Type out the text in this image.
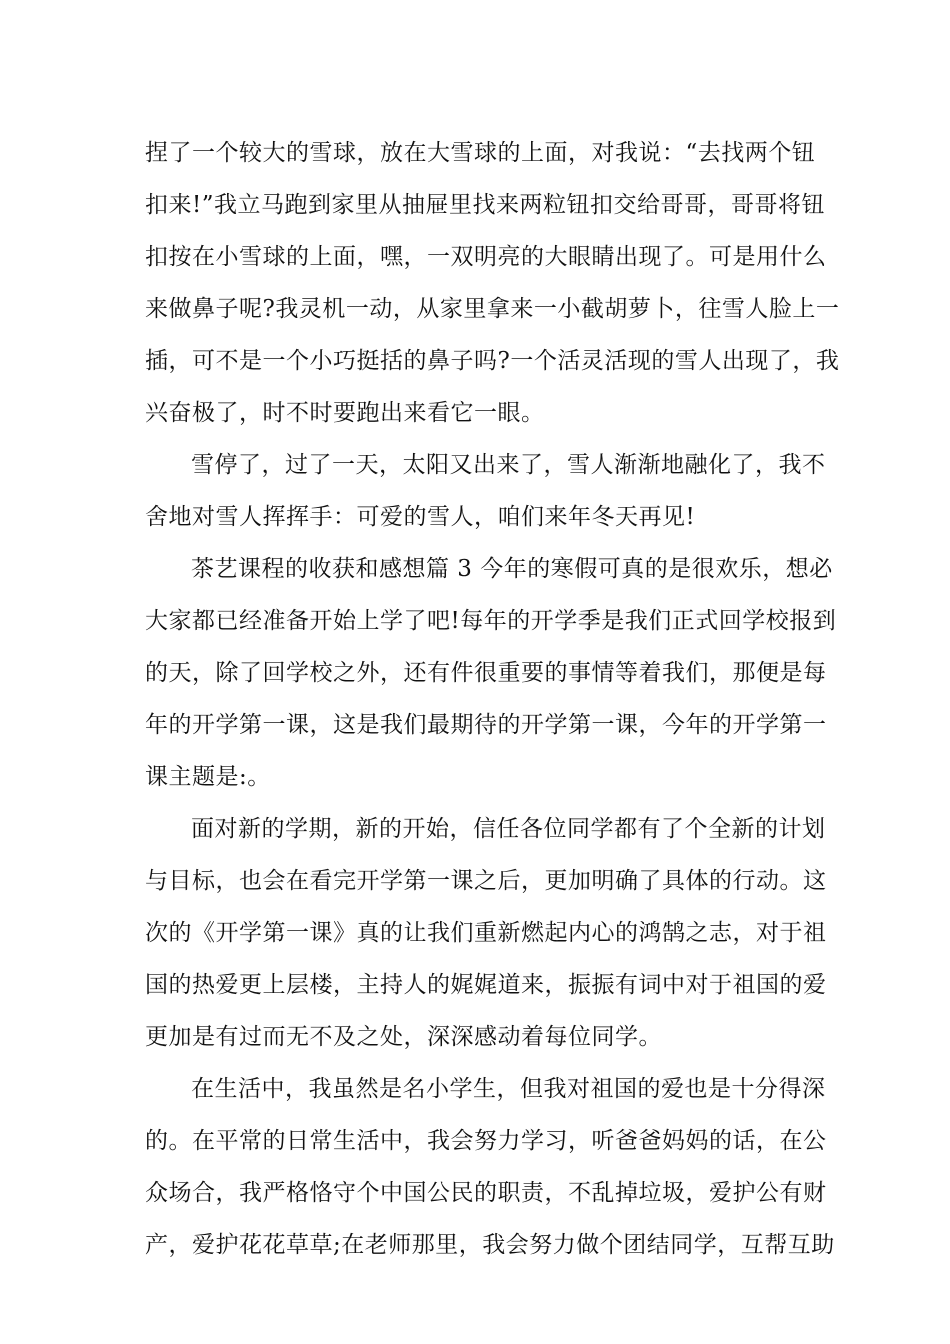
捏了一个较大的雪球，放在大雪球的上面，对我说：“去找两个钮
扣来!”我立马跑到家里从抽屉里找来两粒钮扣交给哥哥，哥哥将钮
扣按在小雪球的上面，嘿，一双明亮的大眼睛出现了。可是用什么
来做鼻子呢?我灵机一动，从家里拿来一小截胡萝卜，往雪人脸上一
插，可不是一个小巧挺括的鼻子吗?一个活灵活现的雪人出现了，我
兴奋极了，时不时要跑出来看它一眼。
雪停了，过了一天，太阳又出来了，雪人渐渐地融化了，我不
舍地对雪人挥挥手：可爱的雪人，咱们来年冬天再见!
茶艺课程的收获和感想篇 3 今年的寒假可真的是很欢乐，想必
大家都已经准备开始上学了吧!每年的开学季是我们正式回学校报到
的天，除了回学校之外，还有件很重要的事情等着我们，那便是每
年的开学第一课，这是我们最期待的开学第一课，今年的开学第一
课主题是:。
面对新的学期，新的开始，信任各位同学都有了个全新的计划
与目标，也会在看完开学第一课之后，更加明确了具体的行动。这
次的《开学第一课》真的让我们重新燃起内心的鸿鹄之志，对于祖
国的热爱更上层楼，主持人的娓娓道来，振振有词中对于祖国的爱
更加是有过而无不及之处，深深感动着每位同学。
在生活中，我虽然是名小学生，但我对祖国的爱也是十分得深
的。在平常的日常生活中，我会努力学习，听爸爸妈妈的话，在公
众场合，我严格恪守个中国公民的职责，不乱掉垃圾，爱护公有财
产，爱护花花草草;在老师那里，我会努力做个团结同学，互帮互助
